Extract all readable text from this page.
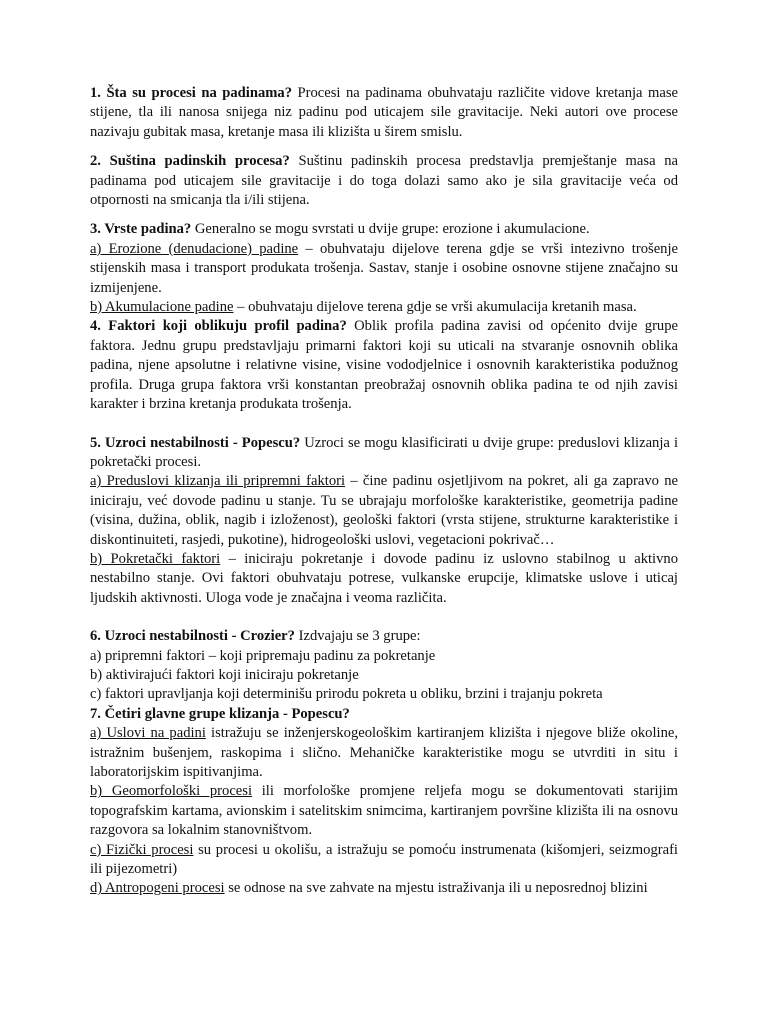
1. Šta su procesi na padinama? Procesi na padinama obuhvataju različite vidove kretanja mase stijene, tla ili nanosa snijega niz padinu pod uticajem sile gravitacije. Neki autori ove procese nazivaju gubitak masa, kretanje masa ili klizišta u širem smislu.

2. Suština padinskih procesa? Suštinu padinskih procesa predstavlja premještanje masa na padinama pod uticajem sile gravitacije i do toga dolazi samo ako je sila gravitacije veća od otpornosti na smicanja tla i/ili stijena.

3. Vrste padina? Generalno se mogu svrstati u dvije grupe: erozione i akumulacione.

a) Erozione (denudacione) padine – obuhvataju dijelove terena gdje se vrši intezivno trošenje stijenskih masa i transport produkata trošenja. Sastav, stanje i osobine osnovne stijene značajno su izmijenjene.

b) Akumulacione padine – obuhvataju dijelove terena gdje se vrši akumulacija kretanih masa.

4. Faktori koji oblikuju profil padina? Oblik profila padina zavisi od općenito dvije grupe faktora. Jednu grupu predstavljaju primarni faktori koji su uticali na stvaranje osnovnih oblika padina, njene apsolutne i relativne visine, visine vododjelnice i osnovnih karakteristika podužnog profila. Druga grupa faktora vrši konstantan preobražaj osnovnih oblika padina te od njih zavisi karakter i brzina kretanja produkata trošenja.

5. Uzroci nestabilnosti - Popescu? Uzroci se mogu klasificirati u dvije grupe: preduslovi klizanja i pokretački procesi.

a) Preduslovi klizanja ili pripremni faktori – čine padinu osjetljivom na pokret, ali ga zapravo ne iniciraju, već dovode padinu u stanje. Tu se ubrajaju morfološke karakteristike, geometrija padine (visina, dužina, oblik, nagib i izloženost), geološki faktori (vrsta stijene, strukturne karakteristike i diskontinuiteti, rasjedi, pukotine), hidrogeološki uslovi, vegetacioni pokrivač…

b) Pokretački faktori – iniciraju pokretanje i dovode padinu iz uslovno stabilnog u aktivno nestabilno stanje. Ovi faktori obuhvataju potrese, vulkanske erupcije, klimatske uslove i uticaj ljudskih aktivnosti. Uloga vode je značajna i veoma različita.

6. Uzroci nestabilnosti - Crozier? Izdvajaju se 3 grupe:

a) pripremni faktori – koji pripremaju padinu za pokretanje

b) aktivirajući faktori koji iniciraju pokretanje

c) faktori upravljanja koji determinišu prirodu pokreta u obliku, brzini i trajanju pokreta

7. Četiri glavne grupe klizanja - Popescu?

a) Uslovi na padini istražuju se inženjerskogeološkim kartiranjem klizišta i njegove bliže okoline, istražnim bušenjem, raskopima i slično. Mehaničke karakteristike mogu se utvrditi in situ i laboratorijskim ispitivanjima.

b) Geomorfološki procesi ili morfološke promjene reljefa mogu se dokumentovati starijim topografskim kartama, avionskim i satelitskim snimcima, kartiranjem površine klizišta ili na osnovu razgovora sa lokalnim stanovništvom.

c) Fizički procesi su procesi u okolišu, a istražuju se pomoću instrumenata (kišomjeri, seizmografi ili pijezometri)

d) Antropogeni procesi se odnose na sve zahvate na mjestu istraživanja ili u neposrednoj blizini
